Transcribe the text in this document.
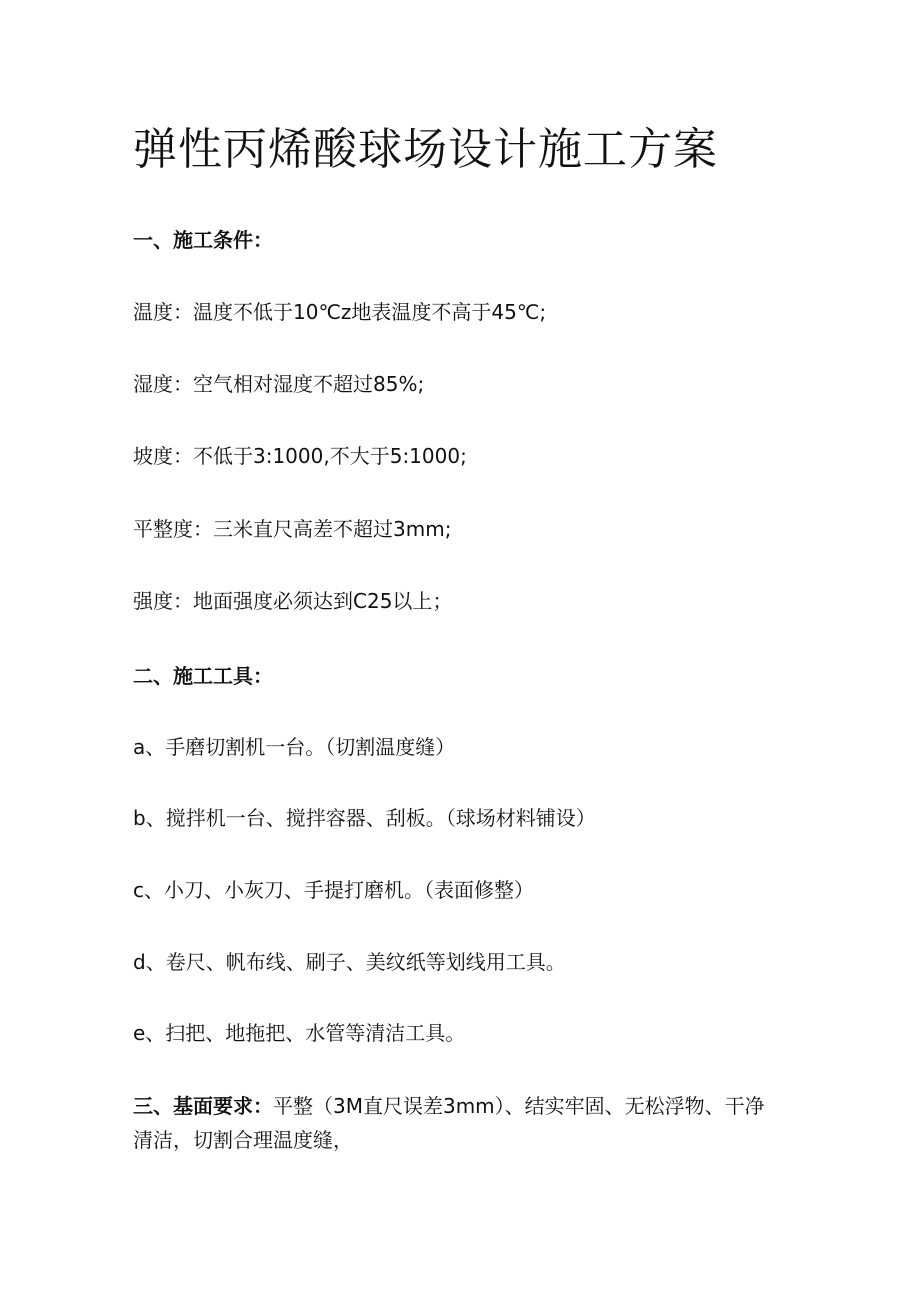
弹性丙烯酸球场设计施工方案
一、施工条件：
温度：温度不低于10℃z地表温度不高于45℃;
湿度：空气相对湿度不超过85%;
坡度：不低于3:1000,不大于5:1000;
平整度：三米直尺高差不超过3mm;
强度：地面强度必须达到C25以上；
二、施工工具：
a、手磨切割机一台。（切割温度缝）
b、搅拌机一台、搅拌容器、刮板。（球场材料铺设）
c、小刀、小灰刀、手提打磨机。（表面修整）
d、卷尺、帆布线、刷子、美纹纸等划线用工具。
e、扫把、地拖把、水管等清洁工具。
三、基面要求：平整（3M直尺误差3mm）、结实牢固、无松浮物、干净清洁，切割合理温度缝，
